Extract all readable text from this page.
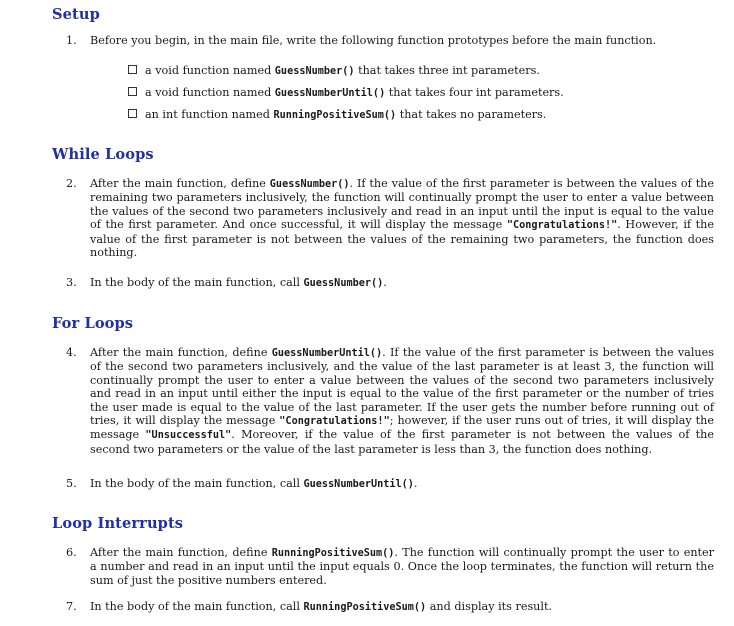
Setup
1.	Before you begin, in the main file, write the following function prototypes before the main function.
a void function named GuessNumber() that takes three int parameters.
a void function named GuessNumberUntil() that takes four int parameters.
an int function named RunningPositiveSum() that takes no parameters.
While Loops
2.	After the main function, define GuessNumber(). If the value of the first parameter is between the values of the remaining two parameters inclusively, the function will continually prompt the user to enter a value between the values of the second two parameters inclusively and read in an input until the input is equal to the value of the first parameter. And once successful, it will display the message "Congratulations!". However, if the value of the first parameter is not between the values of the remaining two parameters, the function does nothing.
3.	In the body of the main function, call GuessNumber().
For Loops
4.	After the main function, define GuessNumberUntil(). If the value of the first parameter is between the values of the second two parameters inclusively, and the value of the last parameter is at least 3, the function will continually prompt the user to enter a value between the values of the second two parameters inclusively and read in an input until either the input is equal to the value of the first parameter or the number of tries the user made is equal to the value of the last parameter. If the user gets the number before running out of tries, it will display the message "Congratulations!"; however, if the user runs out of tries, it will display the message "Unsuccessful". Moreover, if the value of the first parameter is not between the values of the second two parameters or the value of the last parameter is less than 3, the function does nothing.
5.	In the body of the main function, call GuessNumberUntil().
Loop Interrupts
6.	After the main function, define RunningPositiveSum(). The function will continually prompt the user to enter a number and read in an input until the input equals 0. Once the loop terminates, the function will return the sum of just the positive numbers entered.
7.	In the body of the main function, call RunningPositiveSum() and display its result.
